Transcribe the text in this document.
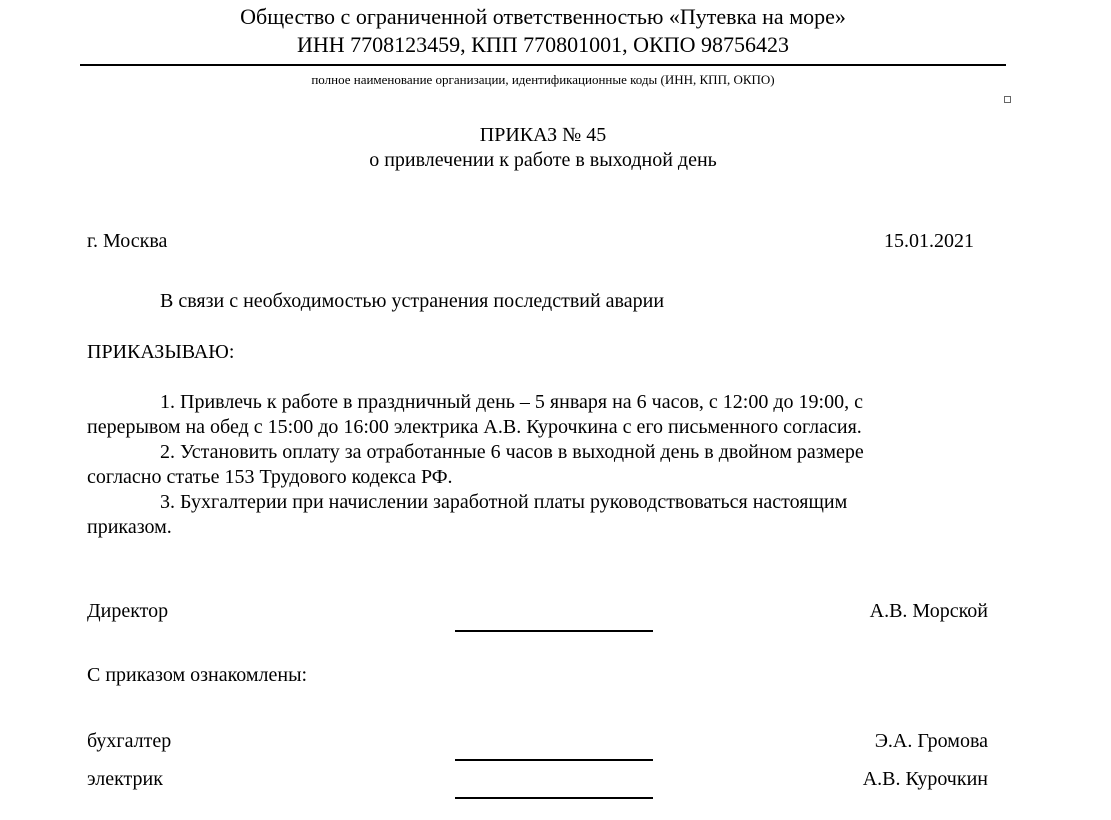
Общество с ограниченной ответственностью «Путевка на море»
ИНН 7708123459, КПП 770801001, ОКПО 98756423
полное наименование организации, идентификационные коды (ИНН, КПП, ОКПО)
ПРИКАЗ № 45
о привлечении к работе в выходной день
г. Москва	15.01.2021
В связи с необходимостью устранения последствий аварии
ПРИКАЗЫВАЮ:
1. Привлечь к работе в праздничный день – 5 января на 6 часов, с 12:00 до 19:00, с
перерывом на обед с 15:00 до 16:00 электрика А.В. Курочкина с его письменного согласия.
2. Установить оплату за отработанные 6 часов в выходной день в двойном размере
согласно статье 153 Трудового кодекса РФ.
3. Бухгалтерии при начислении заработной платы руководствоваться настоящим
приказом.
Директор	А.В. Морской
С приказом ознакомлены:
бухгалтер	Э.А. Громова
электрик	А.В. Курочкин
